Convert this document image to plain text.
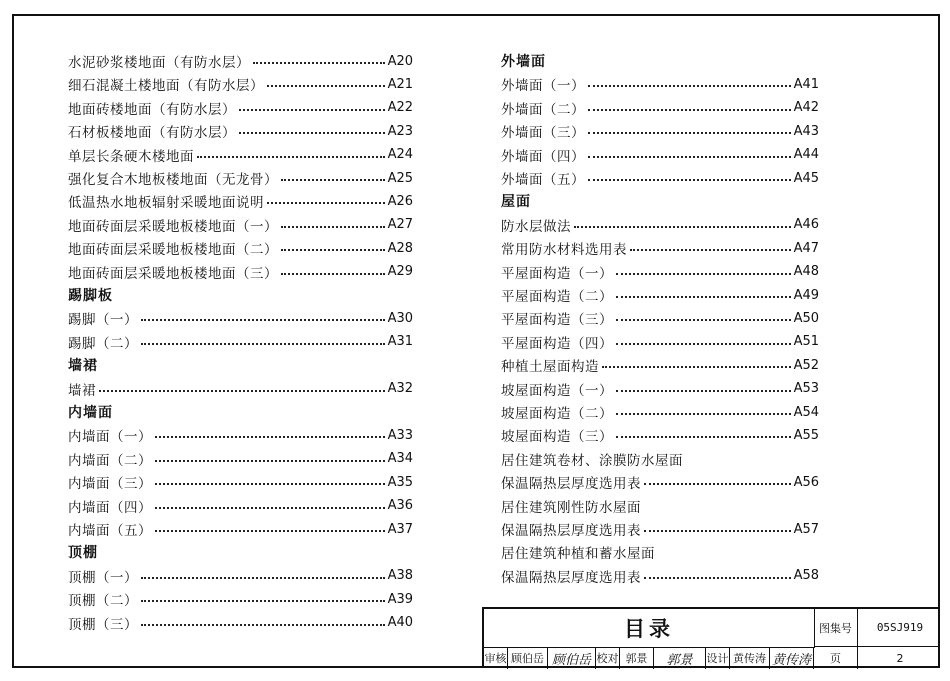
水泥砂浆楼地面（有防水层）	A20
细石混凝土楼地面（有防水层）	A21
地面砖楼地面（有防水层）	A22
石材板楼地面（有防水层）	A23
单层长条硬木楼地面	A24
强化复合木地板楼地面（无龙骨）	A25
低温热水地板辐射采暖地面说明	A26
地面砖面层采暖地板楼地面（一）	A27
地面砖面层采暖地板楼地面（二）	A28
地面砖面层采暖地板楼地面（三）	A29
踢脚板
踢脚（一）	A30
踢脚（二）	A31
墙裙
墙裙	A32
内墙面
内墙面（一）	A33
内墙面（二）	A34
内墙面（三）	A35
内墙面（四）	A36
内墙面（五）	A37
顶棚
顶棚（一）	A38
顶棚（二）	A39
顶棚（三）	A40
外墙面
外墙面（一）	A41
外墙面（二）	A42
外墙面（三）	A43
外墙面（四）	A44
外墙面（五）	A45
屋面
防水层做法	A46
常用防水材料选用表	A47
平屋面构造（一）	A48
平屋面构造（二）	A49
平屋面构造（三）	A50
平屋面构造（四）	A51
种植土屋面构造	A52
坡屋面构造（一）	A53
坡屋面构造（二）	A54
坡屋面构造（三）	A55
居住建筑卷材、涂膜防水屋面
保温隔热层厚度选用表	A56
居住建筑刚性防水屋面
保温隔热层厚度选用表	A57
居住建筑种植和蓄水屋面
保温隔热层厚度选用表	A58
目录	图集号	05SJ919
审核 顾伯岳 顾伯岳 校对 郭景	郭景	设计 黄传涛 黄传涛	页	2
